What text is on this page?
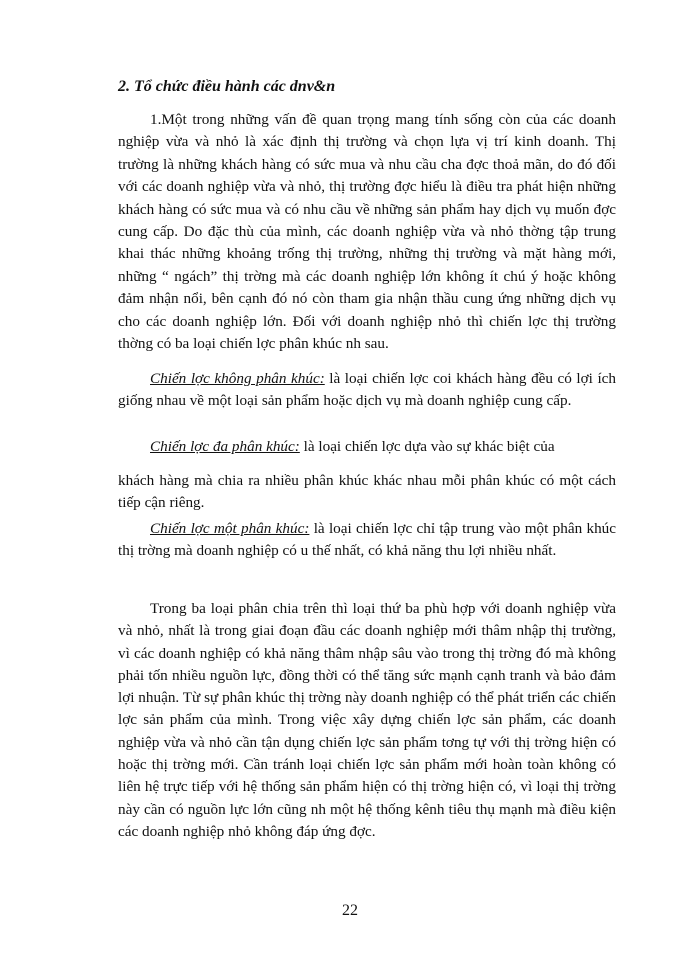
2. Tổ chức điều hành các dnv&n

1.Một trong những vấn đề quan trọng mang tính sống còn của các doanh nghiệp vừa và nhỏ là xác định thị trường và chọn lựa vị trí kinh doanh. Thị trường là những khách hàng có sức mua và nhu cầu cha đợc thoả mãn, do đó đối với các doanh nghiệp vừa và nhỏ, thị trường đợc hiểu là điều tra phát hiện những khách hàng có sức mua và có nhu cầu về những sản phẩm hay dịch vụ muốn đợc cung cấp. Do đặc thù của mình, các doanh nghiệp vừa và nhỏ thờng tập trung khai thác những khoảng trống thị trường, những thị trường và mặt hàng mới, những “ ngách” thị trờng mà các doanh nghiệp lớn không ít chú ý hoặc không đảm nhận nổi, bên cạnh đó nó còn tham gia nhận thầu cung ứng những dịch vụ cho các doanh nghiệp lớn. Đối với doanh nghiệp nhỏ thì chiến lợc thị trường thờng có ba loại chiến lợc phân khúc nh sau.

Chiến lợc không phân khúc: là loại chiến lợc coi khách hàng đều có lợi ích giống nhau về một loại sản phẩm hoặc dịch vụ mà doanh nghiệp cung cấp.

Chiến lợc đa phân khúc: là loại chiến lợc dựa vào sự khác biệt của

khách hàng mà chia ra nhiều phân khúc khác nhau mỗi phân khúc có một cách tiếp cận riêng.

Chiến lợc một phân khúc: là loại chiến lợc chỉ tập trung vào một phân khúc thị trờng mà doanh nghiệp có u thế nhất, có khả năng thu lợi nhiều nhất.

Trong ba loại phân chia trên thì loại thứ ba phù hợp với doanh nghiệp vừa và nhỏ, nhất là trong giai đoạn đầu các doanh nghiệp mới thâm nhập thị trường, vì các doanh nghiệp có khả năng thâm nhập sâu vào trong thị trờng đó mà không phải tốn nhiều nguồn lực, đồng thời có thể tăng sức mạnh cạnh tranh và bảo đảm lợi nhuận. Từ sự phân khúc thị trờng này doanh nghiệp có thể phát triển các chiến lợc sản phẩm của mình. Trong việc xây dựng chiến lợc sản phẩm, các doanh nghiệp vừa và nhỏ cần tận dụng chiến lợc sản phẩm tơng tự với thị trờng hiện có hoặc thị trờng mới. Cần tránh loại chiến lợc sản phẩm mới hoàn toàn không có liên hệ trực tiếp với hệ thống sản phẩm hiện có thị trờng hiện có, vì loại thị trờng này cần có nguồn lực lớn cũng nh một hệ thống kênh tiêu thụ mạnh mà điều kiện các doanh nghiệp nhỏ không đáp ứng đợc.

22
